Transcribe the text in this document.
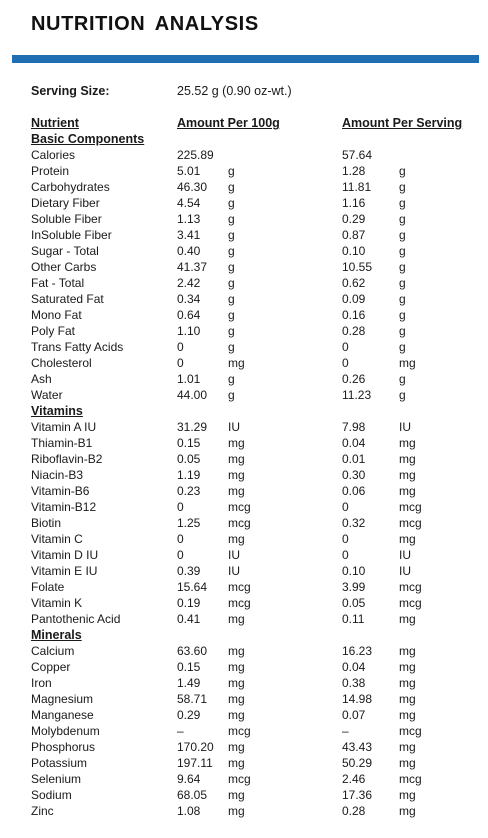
NUTRITION ANALYSIS
Serving Size:	25.52 g (0.90 oz-wt.)
Nutrient	Amount Per 100g	Amount Per Serving
Basic Components
Calories	225.89	57.64
Protein	5.01 g	1.28	g
Carbohydrates	46.30 g	11.81 g
Dietary Fiber	4.54 g	1.16	g
Soluble Fiber	1.13 g	0.29	g
InSoluble Fiber	3.41 g	0.87	g
Sugar - Total	0.40 g	0.10	g
Other Carbs	41.37 g	10.55 g
Fat - Total	2.42 g	0.62	g
Saturated Fat	0.34 g	0.09	g
Mono Fat	0.64 g	0.16	g
Poly Fat	1.10 g	0.28	g
Trans Fatty Acids	0	g	0	g
Cholesterol	0	mg	0	mg
Ash	1.01 g	0.26	g
Water	44.00 g	11.23 g
Vitamins
Vitamin A IU	31.29 IU	7.98	IU
Thiamin-B1	0.15 mg	0.04	mg
Riboflavin-B2	0.05 mg	0.01	mg
Niacin-B3	1.19 mg	0.30	mg
Vitamin-B6	0.23 mg	0.06	mg
Vitamin-B12	0	mcg	0	mcg
Biotin	1.25 mcg	0.32	mcg
Vitamin C	0	mg	0	mg
Vitamin D IU	0	IU	0	IU
Vitamin E IU	0.39 IU	0.10	IU
Folate	15.64 mcg	3.99	mcg
Vitamin K	0.19 mcg	0.05	mcg
Pantothenic Acid	0.41 mg	0.11	mg
Minerals
Calcium	63.60 mg	16.23 mg
Copper	0.15 mg	0.04	mg
Iron	1.49 mg	0.38	mg
Magnesium	58.71 mg	14.98 mg
Manganese	0.29 mg	0.07	mg
Molybdenum	–	mcg	–	mcg
Phosphorus	170.20 mg	43.43 mg
Potassium	197.11 mg	50.29 mg
Selenium	9.64 mcg	2.46	mcg
Sodium	68.05 mg	17.36 mg
Zinc	1.08 mg	0.28	mg
